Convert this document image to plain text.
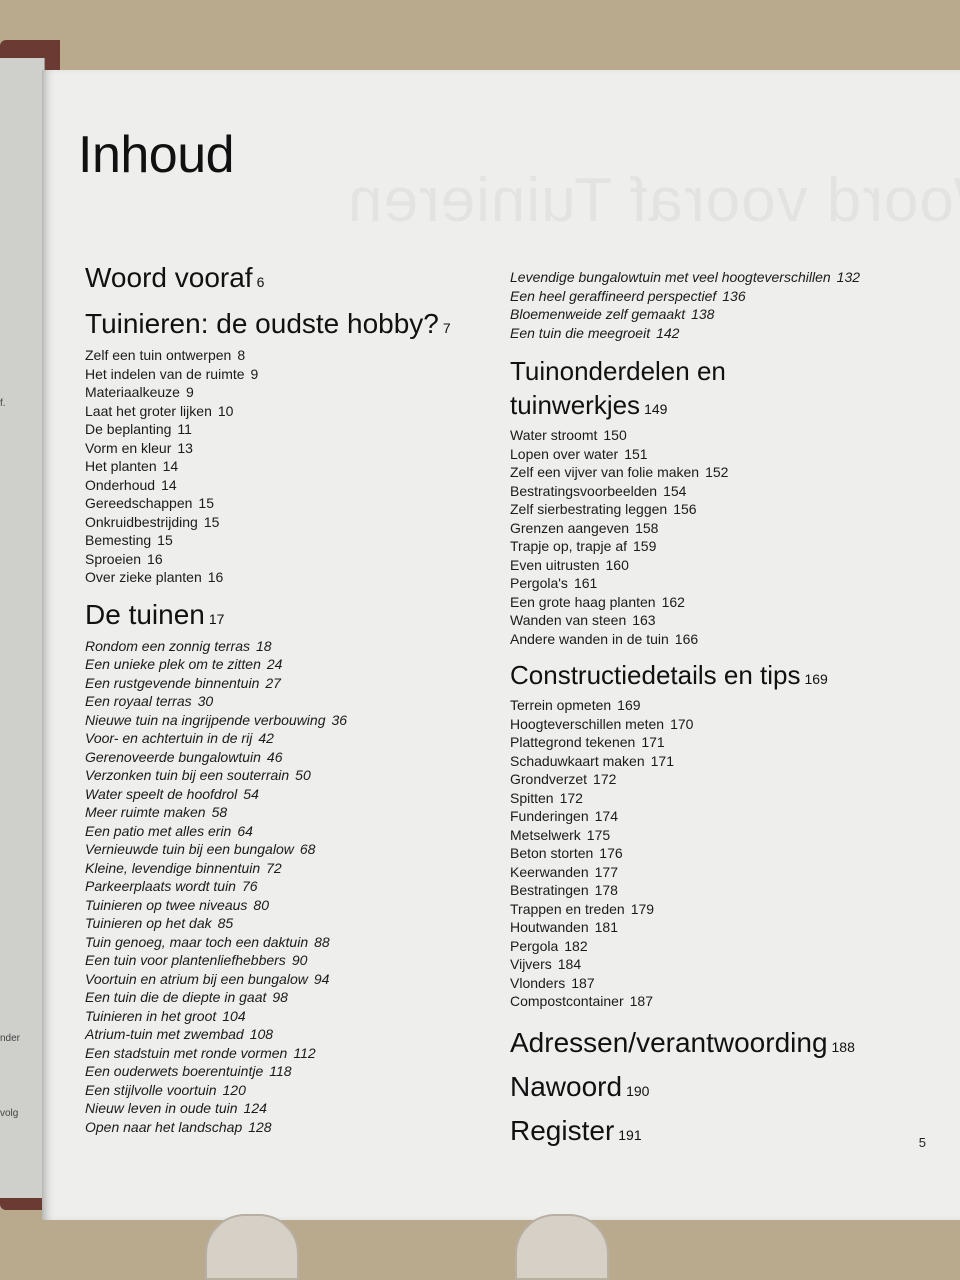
f.
nder
volg
Inhoud
Woord vooraf 6
Tuinieren: de oudste hobby? 7
Zelf een tuin ontwerpen 8
Het indelen van de ruimte 9
Materiaalkeuze 9
Laat het groter lijken 10
De beplanting 11
Vorm en kleur 13
Het planten 14
Onderhoud 14
Gereedschappen 15
Onkruidbestrijding 15
Bemesting 15
Sproeien 16
Over zieke planten 16
De tuinen 17
Rondom een zonnig terras 18
Een unieke plek om te zitten 24
Een rustgevende binnentuin 27
Een royaal terras 30
Nieuwe tuin na ingrijpende verbouwing 36
Voor- en achtertuin in de rij 42
Gerenoveerde bungalowtuin 46
Verzonken tuin bij een souterrain 50
Water speelt de hoofdrol 54
Meer ruimte maken 58
Een patio met alles erin 64
Vernieuwde tuin bij een bungalow 68
Kleine, levendige binnentuin 72
Parkeerplaats wordt tuin 76
Tuinieren op twee niveaus 80
Tuinieren op het dak 85
Tuin genoeg, maar toch een daktuin 88
Een tuin voor plantenliefhebbers 90
Voortuin en atrium bij een bungalow 94
Een tuin die de diepte in gaat 98
Tuinieren in het groot 104
Atrium-tuin met zwembad 108
Een stadstuin met ronde vormen 112
Een ouderwets boerentuintje 118
Een stijlvolle voortuin 120
Nieuw leven in oude tuin 124
Open naar het landschap 128
Levendige bungalowtuin met veel hoogteverschillen 132
Een heel geraffineerd perspectief 136
Bloemenweide zelf gemaakt 138
Een tuin die meegroeit 142
Tuinonderdelen en
tuinwerkjes 149
Water stroomt 150
Lopen over water 151
Zelf een vijver van folie maken 152
Bestratingsvoorbeelden 154
Zelf sierbestrating leggen 156
Grenzen aangeven 158
Trapje op, trapje af 159
Even uitrusten 160
Pergola's 161
Een grote haag planten 162
Wanden van steen 163
Andere wanden in de tuin 166
Constructiedetails en tips 169
Terrein opmeten 169
Hoogteverschillen meten 170
Plattegrond tekenen 171
Schaduwkaart maken 171
Grondverzet 172
Spitten 172
Funderingen 174
Metselwerk 175
Beton storten 176
Keerwanden 177
Bestratingen 178
Trappen en treden 179
Houtwanden 181
Pergola 182
Vijvers 184
Vlonders 187
Compostcontainer 187
Adressen/verantwoording 188
Nawoord 190
Register 191	5
